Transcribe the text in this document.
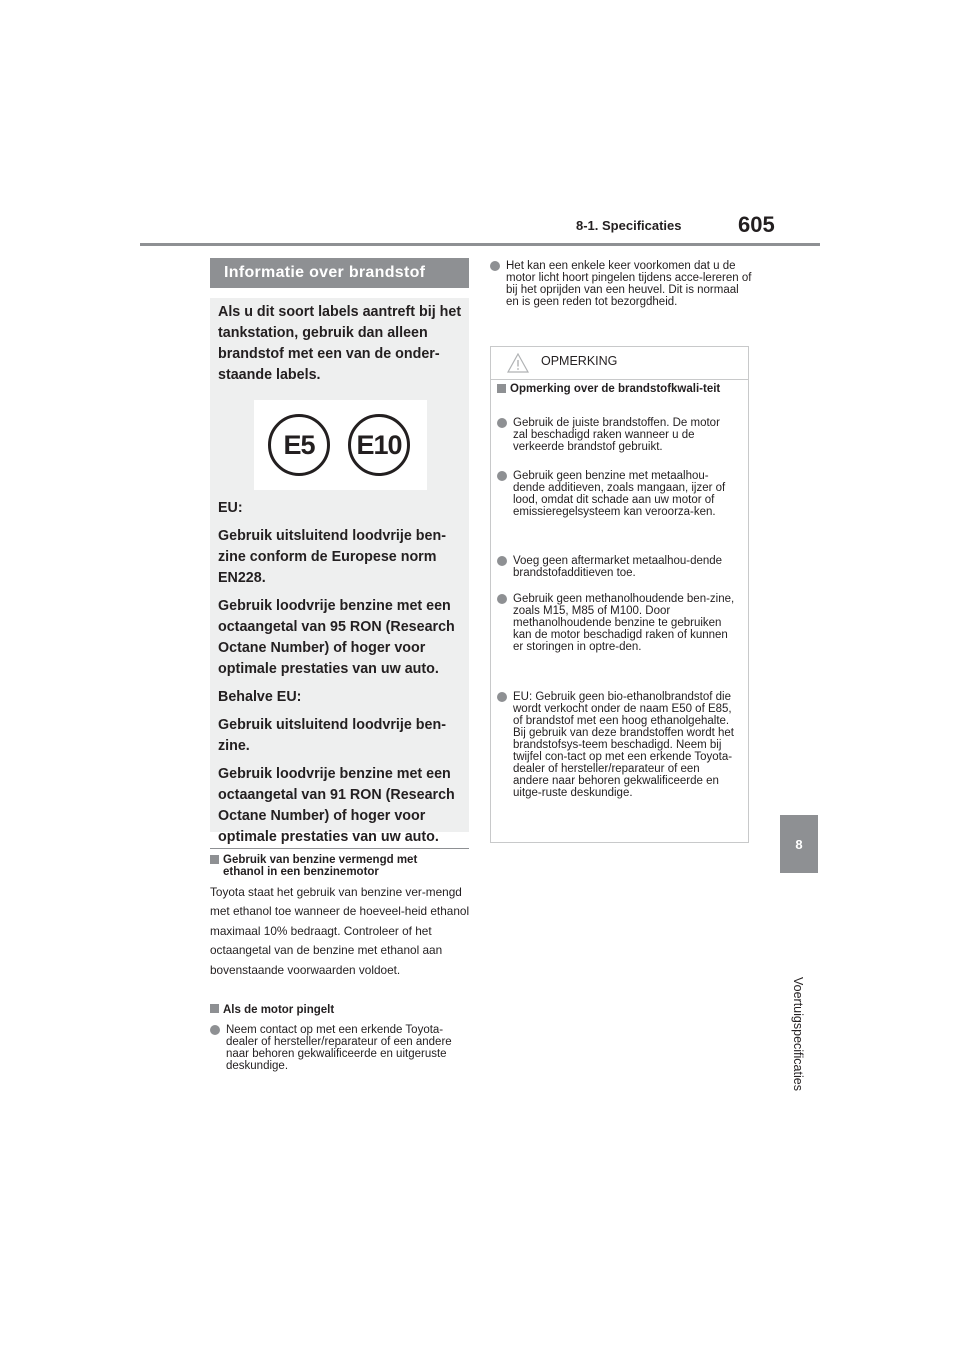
8-1. Specificaties	605
8
Voertuigspecificaties
Informatie over brandstof
Als u dit soort labels aantreft bij het tankstation, gebruik dan alleen brandstof met een van de onder-staande labels.
E5	E10
EU:
Gebruik uitsluitend loodvrije ben-zine conform de Europese norm EN228.
Gebruik loodvrije benzine met een octaangetal van 95 RON (Research Octane Number) of hoger voor optimale prestaties van uw auto.
Behalve EU:
Gebruik uitsluitend loodvrije ben-zine.
Gebruik loodvrije benzine met een octaangetal van 91 RON (Research Octane Number) of hoger voor optimale prestaties van uw auto.
Gebruik van benzine vermengd met ethanol in een benzinemotor
Toyota staat het gebruik van benzine ver-mengd met ethanol toe wanneer de hoeveel-heid ethanol maximaal 10% bedraagt. Controleer of het octaangetal van de benzine met ethanol aan bovenstaande voorwaarden voldoet.
Als de motor pingelt
Neem contact op met een erkende Toyota-dealer of hersteller/reparateur of een andere naar behoren gekwalificeerde en uitgeruste deskundige.
Het kan een enkele keer voorkomen dat u de motor licht hoort pingelen tijdens acce-lereren of bij het oprijden van een heuvel. Dit is normaal en is geen reden tot bezorgdheid.
OPMERKING
Opmerking over de brandstofkwali-teit
Gebruik de juiste brandstoffen. De motor zal beschadigd raken wanneer u de verkeerde brandstof gebruikt.
Gebruik geen benzine met metaalhou-dende additieven, zoals mangaan, ijzer of lood, omdat dit schade aan uw motor of emissieregelsysteem kan veroorza-ken.
Voeg geen aftermarket metaalhou-dende brandstofadditieven toe.
Gebruik geen methanolhoudende ben-zine, zoals M15, M85 of M100. Door methanolhoudende benzine te gebruiken kan de motor beschadigd raken of kunnen er storingen in optre-den.
EU: Gebruik geen bio-ethanolbrandstof die wordt verkocht onder de naam E50 of E85, of brandstof met een hoog ethanolgehalte. Bij gebruik van deze brandstoffen wordt het brandstofsys-teem beschadigd. Neem bij twijfel con-tact op met een erkende Toyota-dealer of hersteller/reparateur of een andere naar behoren gekwalificeerde en uitge-ruste deskundige.
